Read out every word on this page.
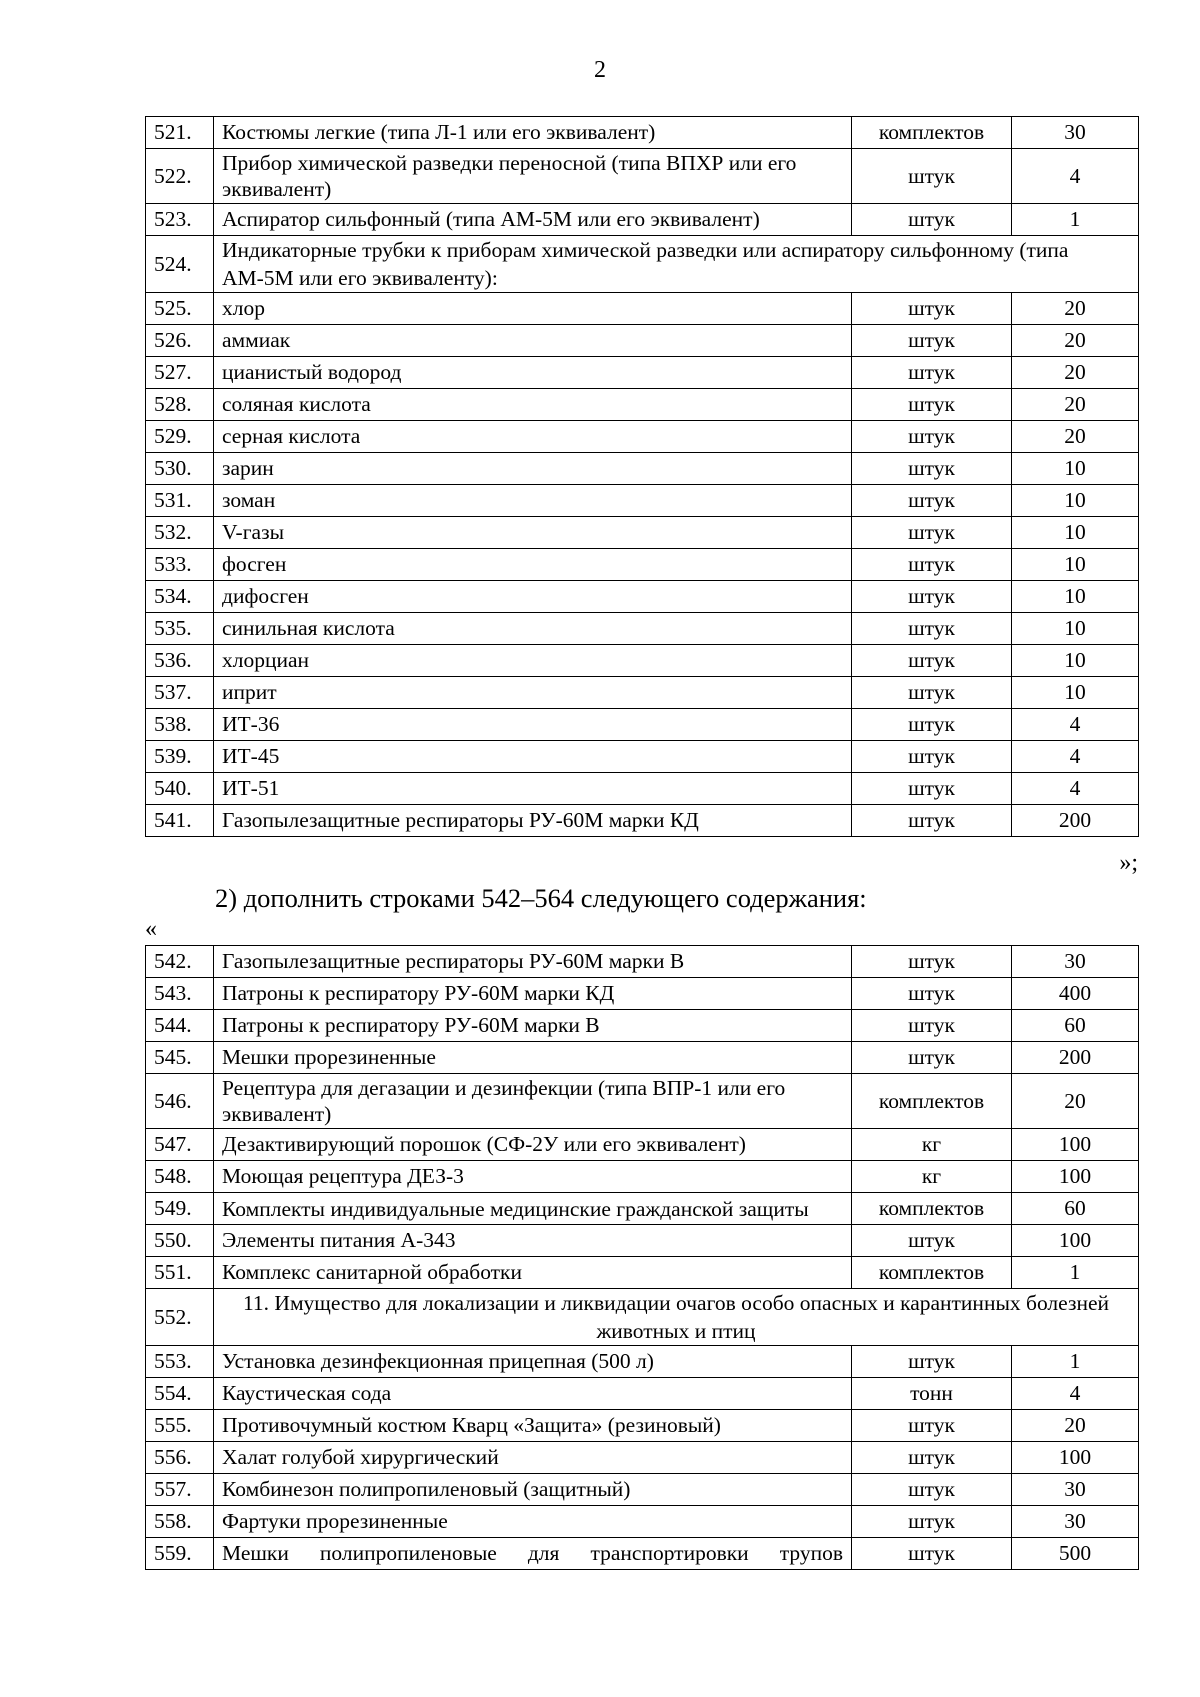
2
521.	Костюмы легкие (типа Л-1 или его эквивалент)	комплектов	30
522.	Прибор химической разведки переносной (типа ВПХР или его эквивалент)	штук	4
523.	Аспиратор сильфонный (типа АМ-5М или его эквивалент)	штук	1
524.	Индикаторные трубки к приборам химической разведки или аспиратору сильфонному (типа АМ-5М или его эквиваленту):		
525.	хлор	штук	20
526.	аммиак	штук	20
527.	цианистый водород	штук	20
528.	соляная кислота	штук	20
529.	серная кислота	штук	20
530.	зарин	штук	10
531.	зоман	штук	10
532.	V-газы	штук	10
533.	фосген	штук	10
534.	дифосген	штук	10
535.	синильная кислота	штук	10
536.	хлорциан	штук	10
537.	иприт	штук	10
538.	ИТ-36	штук	4
539.	ИТ-45	штук	4
540.	ИТ-51	штук	4
541.	Газопылезащитные респираторы РУ-60М марки КД	штук	200
»;
2) дополнить строками 542–564 следующего содержания:
«
542.	Газопылезащитные респираторы РУ-60М марки В	штук	30
543.	Патроны к респиратору РУ-60М марки КД	штук	400
544.	Патроны к респиратору РУ-60М марки В	штук	60
545.	Мешки прорезиненные	штук	200
546.	Рецептура для дегазации и дезинфекции (типа ВПР-1 или его эквивалент)	комплектов	20
547.	Дезактивирующий порошок (СФ-2У или его эквивалент)	кг	100
548.	Моющая рецептура ДЕЗ-3	кг	100
549.	Комплекты индивидуальные медицинские гражданской защиты	комплектов	60
550.	Элементы питания А-343	штук	100
551.	Комплекс санитарной обработки	комплектов	1
552.	11. Имущество для локализации и ликвидации очагов особо опасных и карантинных болезней животных и птиц		
553.	Установка дезинфекционная прицепная (500 л)	штук	1
554.	Каустическая сода	тонн	4
555.	Противочумный костюм Кварц «Защита» (резиновый)	штук	20
556.	Халат голубой хирургический	штук	100
557.	Комбинезон полипропиленовый (защитный)	штук	30
558.	Фартуки прорезиненные	штук	30
559.	Мешки полипропиленовые для транспортировки трупов	штук	500
